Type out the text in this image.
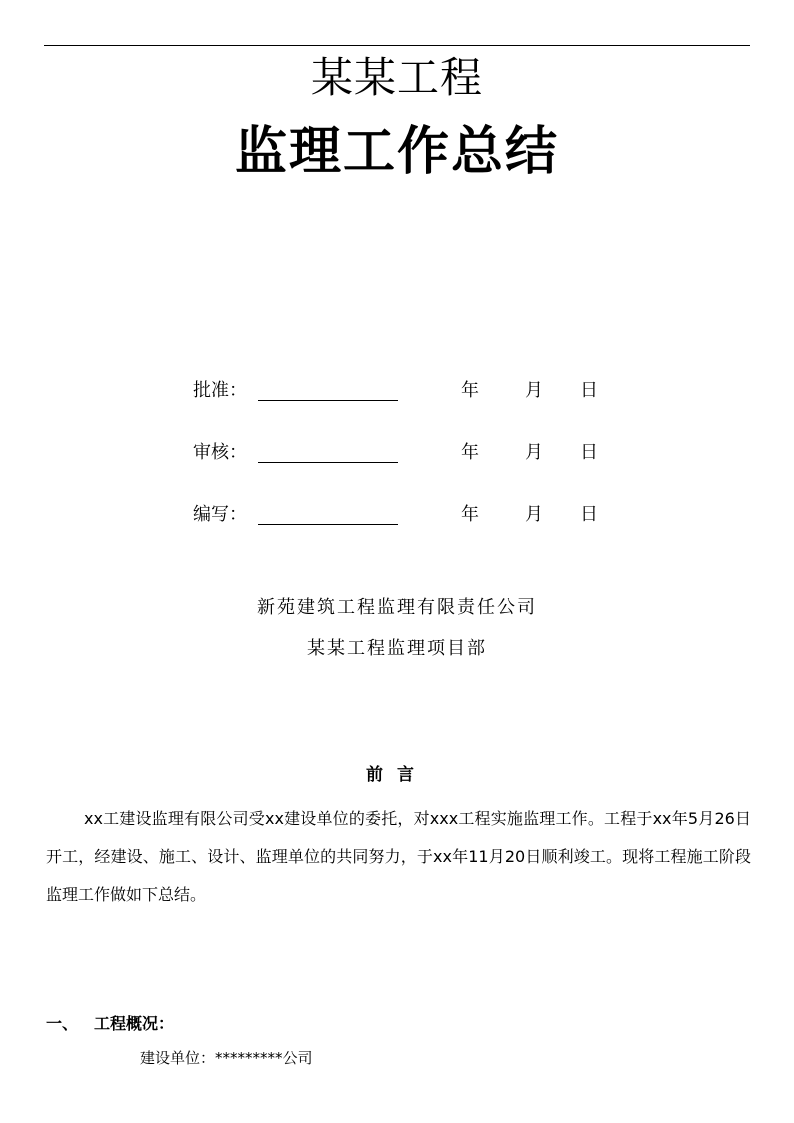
某某工程
监理工作总结
批准：	年	月 日
审核：	年	月 日
编写：	年	月 日
新苑建筑工程监理有限责任公司
某某工程监理项目部
前言

xx工建设监理有限公司受xx建设单位的委托，对xxx工程实施监理工作。工程于xx年5月26日开工，经建设、施工、设计、监理单位的共同努力，于xx年11月20日顺利竣工。现将工程施工阶段监理工作做如下总结。

一、 工程概况：
建设单位：*********公司
